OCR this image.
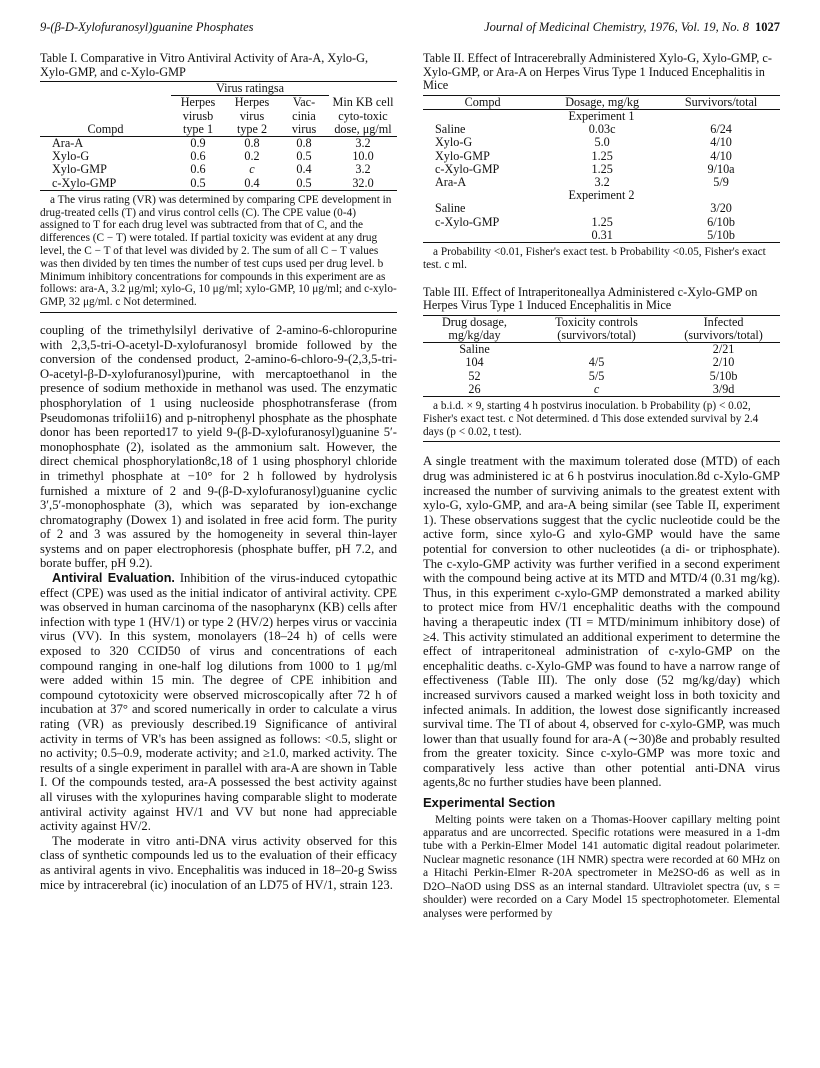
9-(β-D-Xylofuranosyl)guanine Phosphates	Journal of Medicinal Chemistry, 1976, Vol. 19, No. 8 1027
Table I. Comparative in Vitro Antiviral Activity of Ara-A, Xylo-G, Xylo-GMP, and c-Xylo-GMP
	Virus ratingsa			Min KB cell cyto-toxic dose, μg/ml
Compd	Herpes virusb type 1	Herpes virus type 2	Vac-cinia virus	
Ara-A	0.9	0.8	0.8	3.2
Xylo-G	0.6	0.2	0.5	10.0
Xylo-GMP	0.6	c	0.4	3.2
c-Xylo-GMP	0.5	0.4	0.5	32.0
a The virus rating (VR) was determined by comparing CPE development in drug-treated cells (T) and virus control cells (C). The CPE value (0-4) assigned to T for each drug level was subtracted from that of C, and the differences (C − T) were totaled. If partial toxicity was evident at any drug level, the C − T of that level was divided by 2. The sum of all C − T values was then divided by ten times the number of test cups used per drug level. b Minimum inhibitory concentrations for compounds in this experiment are as follows: ara-A, 3.2 μg/ml; xylo-G, 10 μg/ml; xylo-GMP, 10 μg/ml; and c-xylo-GMP, 32 μg/ml. c Not determined.

coupling of the trimethylsilyl derivative of 2-amino-6-chloropurine with 2,3,5-tri-O-acetyl-D-xylofuranosyl bromide followed by the conversion of the condensed product, 2-amino-6-chloro-9-(2,3,5-tri-O-acetyl-β-D-xylofuranosyl)purine, with mercaptoethanol in the presence of sodium methoxide in methanol was used. The enzymatic phosphorylation of 1 using nucleoside phosphotransferase (from Pseudomonas trifolii16) and p-nitrophenyl phosphate as the phosphate donor has been reported17 to yield 9-(β-D-xylofuranosyl)guanine 5′-monophosphate (2), isolated as the ammonium salt. However, the direct chemical phosphorylation8c,18 of 1 using phosphoryl chloride in trimethyl phosphate at −10° for 2 h followed by hydrolysis furnished a mixture of 2 and 9-(β-D-xylofuranosyl)guanine cyclic 3′,5′-monophosphate (3), which was separated by ion-exchange chromatography (Dowex 1) and isolated in free acid form. The purity of 2 and 3 was assured by the homogeneity in several thin-layer systems and on paper electrophoresis (phosphate buffer, pH 7.2, and borate buffer, pH 9.2).

Antiviral Evaluation. Inhibition of the virus-induced cytopathic effect (CPE) was used as the initial indicator of antiviral activity. CPE was observed in human carcinoma of the nasopharynx (KB) cells after infection with type 1 (HV/1) or type 2 (HV/2) herpes virus or vaccinia virus (VV). In this system, monolayers (18–24 h) of cells were exposed to 320 CCID50 of virus and concentrations of each compound ranging in one-half log dilutions from 1000 to 1 μg/ml were added within 15 min. The degree of CPE inhibition and compound cytotoxicity were observed microscopically after 72 h of incubation at 37° and scored numerically in order to calculate a virus rating (VR) as previously described.19 Significance of antiviral activity in terms of VR's has been assigned as follows: <0.5, slight or no activity; 0.5–0.9, moderate activity; and ≥1.0, marked activity. The results of a single experiment in parallel with ara-A are shown in Table I. Of the compounds tested, ara-A possessed the best activity against all viruses with the xylopurines having comparable slight to moderate antiviral activity against HV/1 and VV but none had appreciable activity against HV/2.

The moderate in vitro anti-DNA virus activity observed for this class of synthetic compounds led us to the evaluation of their efficacy as antiviral agents in vivo. Encephalitis was induced in 18–20-g Swiss mice by intracerebral (ic) inoculation of an LD75 of HV/1, strain 123.

Table II. Effect of Intracerebrally Administered Xylo-G, Xylo-GMP, c-Xylo-GMP, or Ara-A on Herpes Virus Type 1 Induced Encephalitis in Mice
Compd	Dosage, mg/kg	Survivors/total
Experiment 1		
Saline	0.03c	6/24
Xylo-G	5.0	4/10
Xylo-GMP	1.25	4/10
c-Xylo-GMP	1.25	9/10a
Ara-A	3.2	5/9
Experiment 2		
Saline		3/20
c-Xylo-GMP	1.25	6/10b
	0.31	5/10b
a Probability <0.01, Fisher's exact test. b Probability <0.05, Fisher's exact test. c ml.
Table III. Effect of Intraperitoneallya Administered c-Xylo-GMP on Herpes Virus Type 1 Induced Encephalitis in Mice
Drug dosage, mg/kg/day	Toxicity controls (survivors/total)	Infected (survivors/total)
Saline		2/21
104	4/5	2/10
52	5/5	5/10b
26	c	3/9d
a b.i.d. × 9, starting 4 h postvirus inoculation. b Probability (p) < 0.02, Fisher's exact test. c Not determined. d This dose extended survival by 2.4 days (p < 0.02, t test).

A single treatment with the maximum tolerated dose (MTD) of each drug was administered ic at 6 h postvirus inoculation.8d c-Xylo-GMP increased the number of surviving animals to the greatest extent with xylo-G, xylo-GMP, and ara-A being similar (see Table II, experiment 1). These observations suggest that the cyclic nucleotide could be the active form, since xylo-G and xylo-GMP would have the same potential for conversion to other nucleotides (a di- or triphosphate). The c-xylo-GMP activity was further verified in a second experiment with the compound being active at its MTD and MTD/4 (0.31 mg/kg). Thus, in this experiment c-xylo-GMP demonstrated a marked ability to protect mice from HV/1 encephalitic deaths with the compound having a therapeutic index (TI = MTD/minimum inhibitory dose) of ≥4. This activity stimulated an additional experiment to determine the effect of intraperitoneal administration of c-xylo-GMP on the encephalitic deaths. c-Xylo-GMP was found to have a narrow range of effectiveness (Table III). The only dose (52 mg/kg/day) which increased survivors caused a marked weight loss in both toxicity and infected animals. In addition, the lowest dose significantly increased survival time. The TI of about 4, observed for c-xylo-GMP, was much lower than that usually found for ara-A (∼30)8e and probably resulted from the greater toxicity. Since c-xylo-GMP was more toxic and comparatively less active than other potential anti-DNA virus agents,8c no further studies have been planned.

Experimental Section

Melting points were taken on a Thomas-Hoover capillary melting point apparatus and are uncorrected. Specific rotations were measured in a 1-dm tube with a Perkin-Elmer Model 141 automatic digital readout polarimeter. Nuclear magnetic resonance (1H NMR) spectra were recorded at 60 MHz on a Hitachi Perkin-Elmer R-20A spectrometer in Me2SO-d6 as well as in D2O–NaOD using DSS as an internal standard. Ultraviolet spectra (uv, s = shoulder) were recorded on a Cary Model 15 spectrophotometer. Elemental analyses were performed by
